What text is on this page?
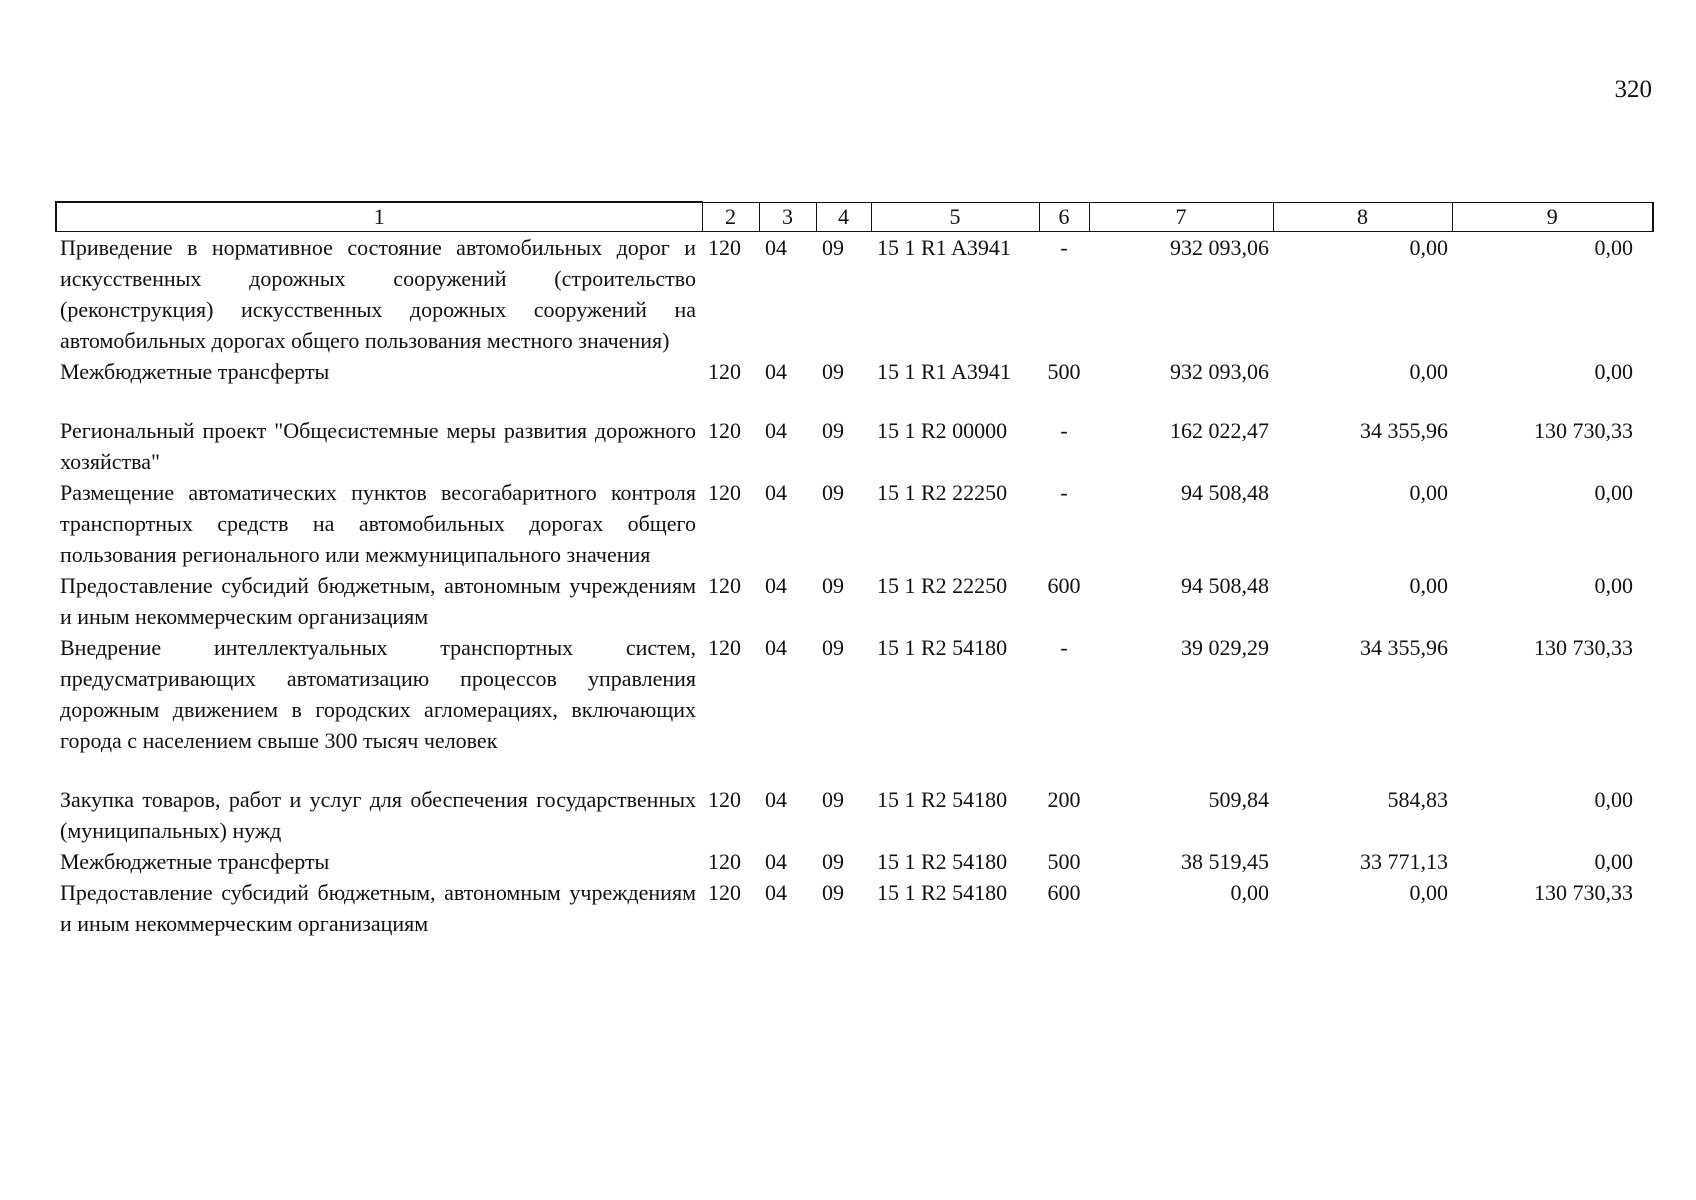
320
1	2	3	4	5	6	7	8	9
Приведение в нормативное состояние автомобильных дорог и искусственных дорожных сооружений (строительство (реконструкция) искусственных дорожных сооружений на автомобильных дорогах общего пользования местного значения)	120	04	09	15 1 R1 A3941	-	932 093,06	0,00	0,00
Межбюджетные трансферты	120	04	09	15 1 R1 A3941	500	932 093,06	0,00	0,00
Региональный проект "Общесистемные меры развития дорожного хозяйства"	120	04	09	15 1 R2 00000	-	162 022,47	34 355,96	130 730,33
Размещение автоматических пунктов весогабаритного контроля транспортных средств на автомобильных дорогах общего пользования регионального или межмуниципального значения	120	04	09	15 1 R2 22250	-	94 508,48	0,00	0,00
Предоставление субсидий бюджетным, автономным учреждениям и иным некоммерческим организациям	120	04	09	15 1 R2 22250	600	94 508,48	0,00	0,00
Внедрение интеллектуальных транспортных систем, предусматривающих автоматизацию процессов управления дорожным движением в городских агломерациях, включающих города с населением свыше 300 тысяч человек	120	04	09	15 1 R2 54180	-	39 029,29	34 355,96	130 730,33
Закупка товаров, работ и услуг для обеспечения государственных (муниципальных) нужд	120	04	09	15 1 R2 54180	200	509,84	584,83	0,00
Межбюджетные трансферты	120	04	09	15 1 R2 54180	500	38 519,45	33 771,13	0,00
Предоставление субсидий бюджетным, автономным учреждениям и иным некоммерческим организациям	120	04	09	15 1 R2 54180	600	0,00	0,00	130 730,33
